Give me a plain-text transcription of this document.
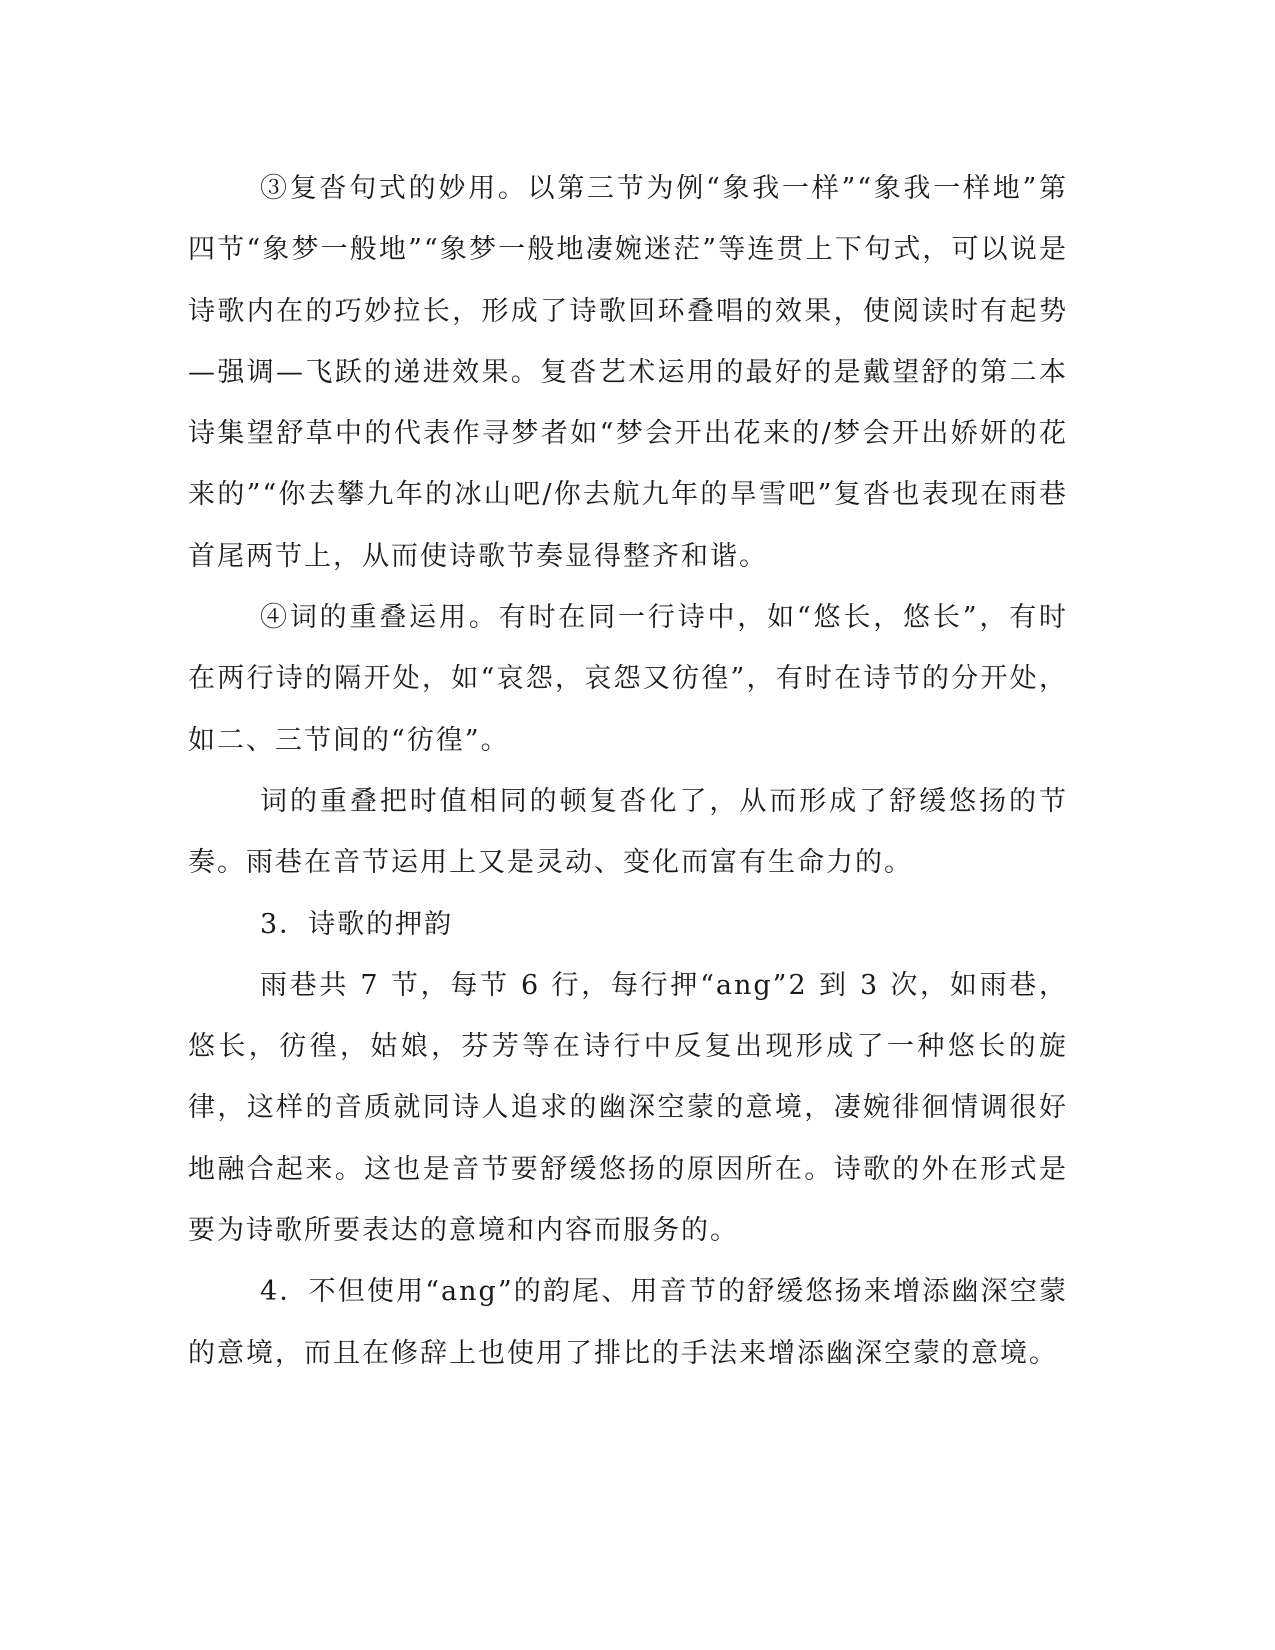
③复沓句式的妙用。以第三节为例“象我一样”“象我一样地”第四节“象梦一般地”“象梦一般地凄婉迷茫”等连贯上下句式，可以说是诗歌内在的巧妙拉长，形成了诗歌回环叠唱的效果，使阅读时有起势—强调—飞跃的递进效果。复沓艺术运用的最好的是戴望舒的第二本诗集望舒草中的代表作寻梦者如“梦会开出花来的/梦会开出娇妍的花来的”“你去攀九年的冰山吧/你去航九年的旱雪吧”复沓也表现在雨巷首尾两节上，从而使诗歌节奏显得整齐和谐。

④词的重叠运用。有时在同一行诗中，如“悠长，悠长”，有时在两行诗的隔开处，如“哀怨，哀怨又彷徨”，有时在诗节的分开处，如二、三节间的“彷徨”。

词的重叠把时值相同的顿复沓化了，从而形成了舒缓悠扬的节奏。雨巷在音节运用上又是灵动、变化而富有生命力的。

3．诗歌的押韵

雨巷共 7 节，每节 6 行，每行押“ang”2 到 3 次，如雨巷，悠长，彷徨，姑娘，芬芳等在诗行中反复出现形成了一种悠长的旋律，这样的音质就同诗人追求的幽深空蒙的意境，凄婉徘徊情调很好地融合起来。这也是音节要舒缓悠扬的原因所在。诗歌的外在形式是要为诗歌所要表达的意境和内容而服务的。

4．不但使用“ang”的韵尾、用音节的舒缓悠扬来增添幽深空蒙的意境，而且在修辞上也使用了排比的手法来增添幽深空蒙的意境。
